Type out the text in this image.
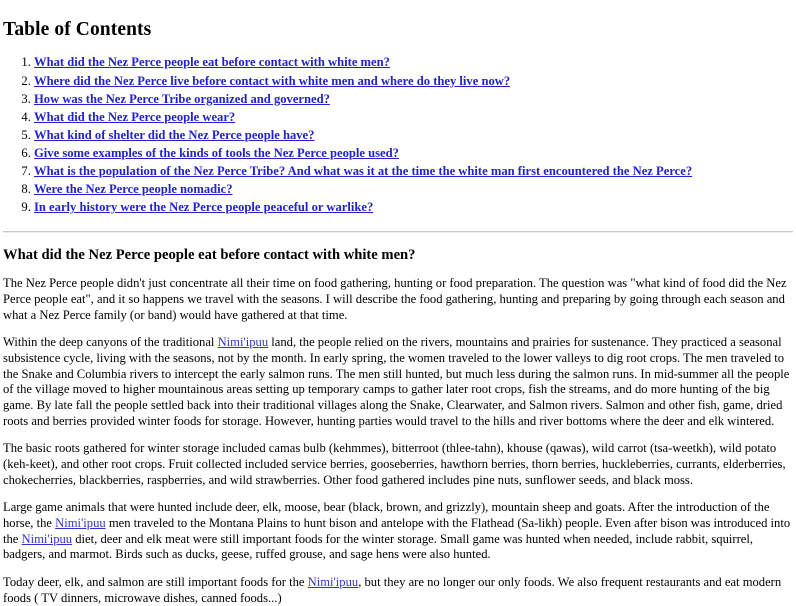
Table of Contents
1. What did the Nez Perce people eat before contact with white men?
2. Where did the Nez Perce live before contact with white men and where do they live now?
3. How was the Nez Perce Tribe organized and governed?
4. What did the Nez Perce people wear?
5. What kind of shelter did the Nez Perce people have?
6. Give some examples of the kinds of tools the Nez Perce people used?
7. What is the population of the Nez Perce Tribe? And what was it at the time the white man first encountered the Nez Perce?
8. Were the Nez Perce people nomadic?
9. In early history were the Nez Perce people peaceful or warlike?
What did the Nez Perce people eat before contact with white men?

The Nez Perce people didn't just concentrate all their time on food gathering, hunting or food preparation. The question was "what kind of food did the Nez Perce people eat", and it so happens we travel with the seasons. I will describe the food gathering, hunting and preparing by going through each season and what a Nez Perce family (or band) would have gathered at that time.

Within the deep canyons of the traditional Nimi'ipuu land, the people relied on the rivers, mountains and prairies for sustenance. They practiced a seasonal subsistence cycle, living with the seasons, not by the month. In early spring, the women traveled to the lower valleys to dig root crops. The men traveled to the Snake and Columbia rivers to intercept the early salmon runs. The men still hunted, but much less during the salmon runs. In mid-summer all the people of the village moved to higher mountainous areas setting up temporary camps to gather later root crops, fish the streams, and do more hunting of the big game. By late fall the people settled back into their traditional villages along the Snake, Clearwater, and Salmon rivers. Salmon and other fish, game, dried roots and berries provided winter foods for storage. However, hunting parties would travel to the hills and river bottoms where the deer and elk wintered.

The basic roots gathered for winter storage included camas bulb (kehmmes), bitterroot (thlee-tahn), khouse (qawas), wild carrot (tsa-weetkh), wild potato (keh-keet), and other root crops. Fruit collected included service berries, gooseberries, hawthorn berries, thorn berries, huckleberries, currants, elderberries, chokecherries, blackberries, raspberries, and wild strawberries. Other food gathered includes pine nuts, sunflower seeds, and black moss.

Large game animals that were hunted include deer, elk, moose, bear (black, brown, and grizzly), mountain sheep and goats. After the introduction of the horse, the Nimi'ipuu men traveled to the Montana Plains to hunt bison and antelope with the Flathead (Sa-likh) people. Even after bison was introduced into the Nimi'ipuu diet, deer and elk meat were still important foods for the winter storage. Small game was hunted when needed, include rabbit, squirrel, badgers, and marmot. Birds such as ducks, geese, ruffed grouse, and sage hens were also hunted.

Today deer, elk, and salmon are still important foods for the Nimi'ipuu, but they are no longer our only foods. We also frequent restaurants and eat modern foods ( TV dinners, microwave dishes, canned foods...)
